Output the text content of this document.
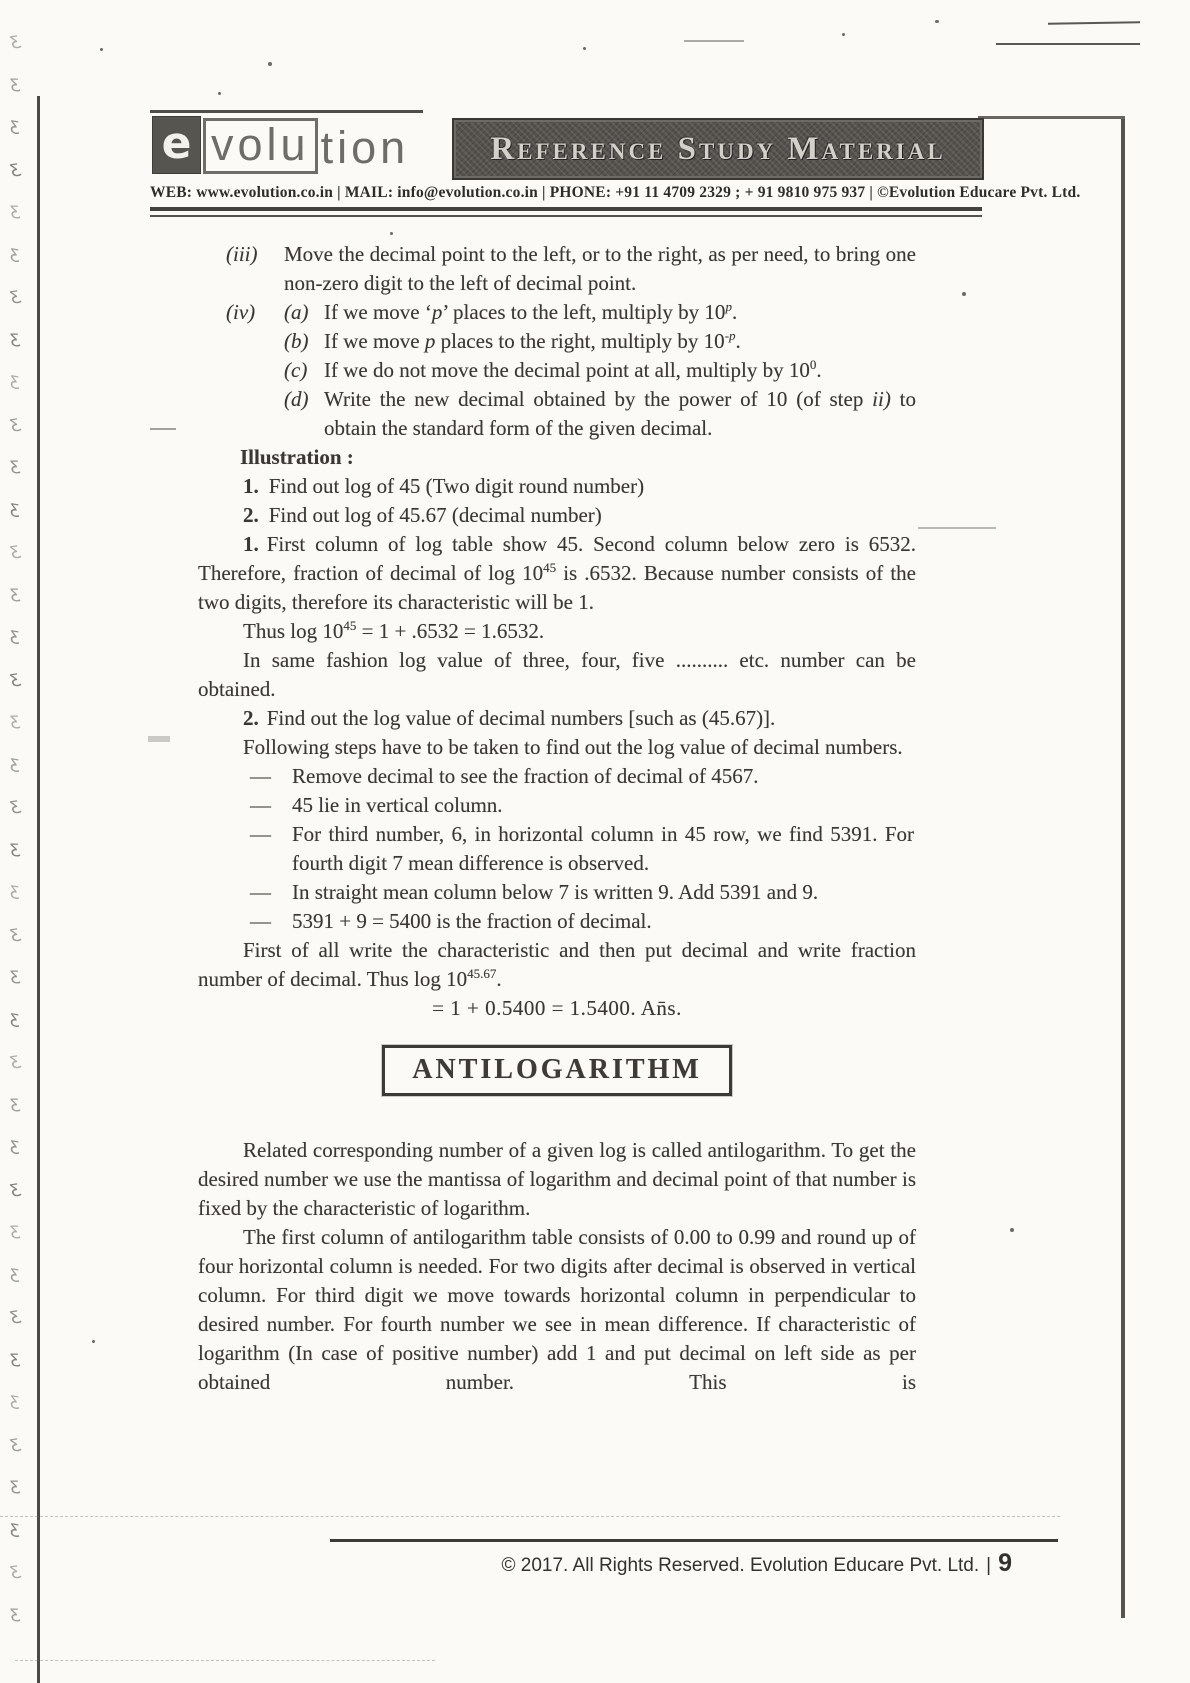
ʒ
ʒ
ʒ
ʒ
ʒ
ʒ
ʒ
ʒ
ʒ
ʒ
ʒ
ʒ
ʒ
ʒ
ʒ
ʒ
ʒ
ʒ
ʒ
ʒ
ʒ
ʒ
ʒ
ʒ
ʒ
ʒ
ʒ
ʒ
ʒ
ʒ
ʒ
ʒ
ʒ
ʒ
ʒ
ʒ
ʒ
ʒ
e volu tion Reference Study Material
WEB: www.evolution.co.in | MAIL: info@evolution.co.in | PHONE: +91 11 4709 2329 ; + 91 9810 975 937 | ©Evolution Educare Pvt. Ltd.
(iii)	Move the decimal point to the left, or to the right, as per need, to bring one non-zero digit to the left of decimal point.

(iv)	(a) If we move ‘p’ places to the left, multiply by 10$^p$.

(b) If we move p places to the right, multiply by $10^{-p}$.

(c) If we do not move the decimal point at all, multiply by $10^0$.

(d) Write the new decimal obtained by the power of 10 (of step ii) to obtain the standard form of the given decimal.

Illustration :

1. Find out log of 45 (Two digit round number)

2. Find out log of 45.67 (decimal number)

1. First column of log table show 45. Second column below zero is 6532. Therefore, fraction of decimal of $\log 10^{45}$ is .6532. Because number consists of the two digits, therefore its characteristic will be 1.

Thus $\log 10^{45} = 1 + .6532 = 1.6532$.

In same fashion log value of three, four, five .......... etc. number can be obtained.

2. Find out the log value of decimal numbers [such as (45.67)].

Following steps have to be taken to find out the log value of decimal numbers.

—	Remove decimal to see the fraction of decimal of 4567.

—	45 lie in vertical column.

—	For third number, 6, in horizontal column in 45 row, we find 5391. For fourth digit 7 mean difference is observed.

—	In straight mean column below 7 is written 9. Add 5391 and 9.

—	5391 + 9 = 5400 is the fraction of decimal.

First of all write the characteristic and then put decimal and write fraction number of decimal. Thus $\log 10^{45.67}$.

= 1 + 0.5400 = 1.5400. An̄s.

ANTILOGARITHM

Related corresponding number of a given log is called antilogarithm. To get the desired number we use the mantissa of logarithm and decimal point of that number is fixed by the characteristic of logarithm.

The first column of antilogarithm table consists of 0.00 to 0.99 and round up of four horizontal column is needed. For two digits after decimal is observed in vertical column. For third digit we move towards horizontal column in perpendicular to desired number. For fourth number we see in mean difference. If characteristic of logarithm (In case of positive number) add 1 and put decimal on left side as per obtained number. This is

© 2017. All Rights Reserved. Evolution Educare Pvt. Ltd. | 9
